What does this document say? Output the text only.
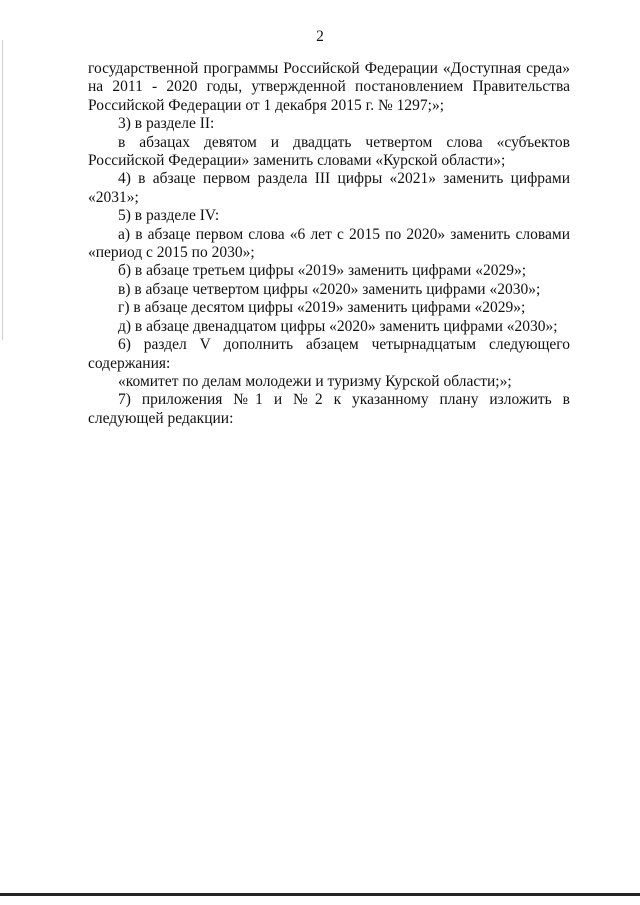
2

государственной программы Российской Федерации «Доступная среда» на 2011 - 2020 годы, утвержденной постановлением Правительства Российской Федерации от 1 декабря 2015 г. № 1297;»;

3) в разделе II:

в абзацах девятом и двадцать четвертом слова «субъектов Российской Федерации» заменить словами «Курской области»;

4) в абзаце первом раздела III цифры «2021» заменить цифрами «2031»;

5) в разделе IV:

а) в абзаце первом слова «6 лет с 2015 по 2020» заменить словами «период с 2015 по 2030»;

б) в абзаце третьем цифры «2019» заменить цифрами «2029»;

в) в абзаце четвертом цифры «2020» заменить цифрами «2030»;

г) в абзаце десятом цифры «2019» заменить цифрами «2029»;

д) в абзаце двенадцатом цифры «2020» заменить цифрами «2030»;

6) раздел V дополнить абзацем четырнадцатым следующего содержания:

«комитет по делам молодежи и туризму Курской области;»;

7) приложения №1 и №2 к указанному плану изложить в следующей редакции:
